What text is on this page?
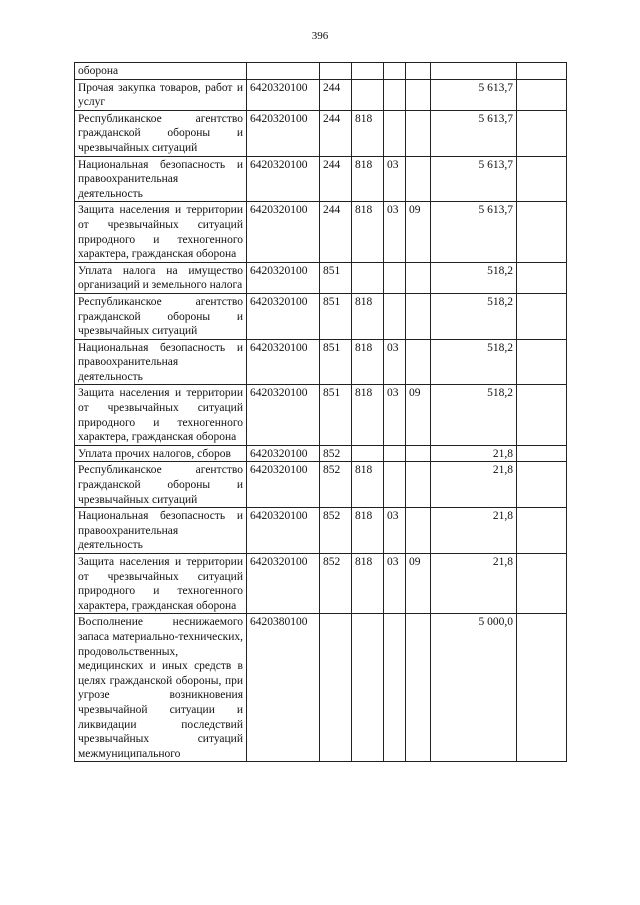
396
оборона							
Прочая закупка товаров, работ и услуг	6420320100	244				5 613,7	
Республиканское агентство гражданской обороны и чрезвычайных ситуаций	6420320100	244	818			5 613,7	
Национальная безопасность и правоохранительная деятельность	6420320100	244	818	03		5 613,7	
Защита населения и территории от чрезвычайных ситуаций природного и техногенного характера, гражданская оборона	6420320100	244	818	03	09	5 613,7	
Уплата налога на имущество организаций и земельного налога	6420320100	851				518,2	
Республиканское агентство гражданской обороны и чрезвычайных ситуаций	6420320100	851	818			518,2	
Национальная безопасность и правоохранительная деятельность	6420320100	851	818	03		518,2	
Защита населения и территории от чрезвычайных ситуаций природного и техногенного характера, гражданская оборона	6420320100	851	818	03	09	518,2	
Уплата прочих налогов, сборов	6420320100	852				21,8	
Республиканское агентство гражданской обороны и чрезвычайных ситуаций	6420320100	852	818			21,8	
Национальная безопасность и правоохранительная деятельность	6420320100	852	818	03		21,8	
Защита населения и территории от чрезвычайных ситуаций природного и техногенного характера, гражданская оборона	6420320100	852	818	03	09	21,8	
Восполнение неснижаемого запаса материально-технических, продовольственных, медицинских и иных средств в целях гражданской обороны, при угрозе возникновения чрезвычайной ситуации и ликвидации последствий чрезвычайных ситуаций межмуниципального	6420380100					5 000,0	
